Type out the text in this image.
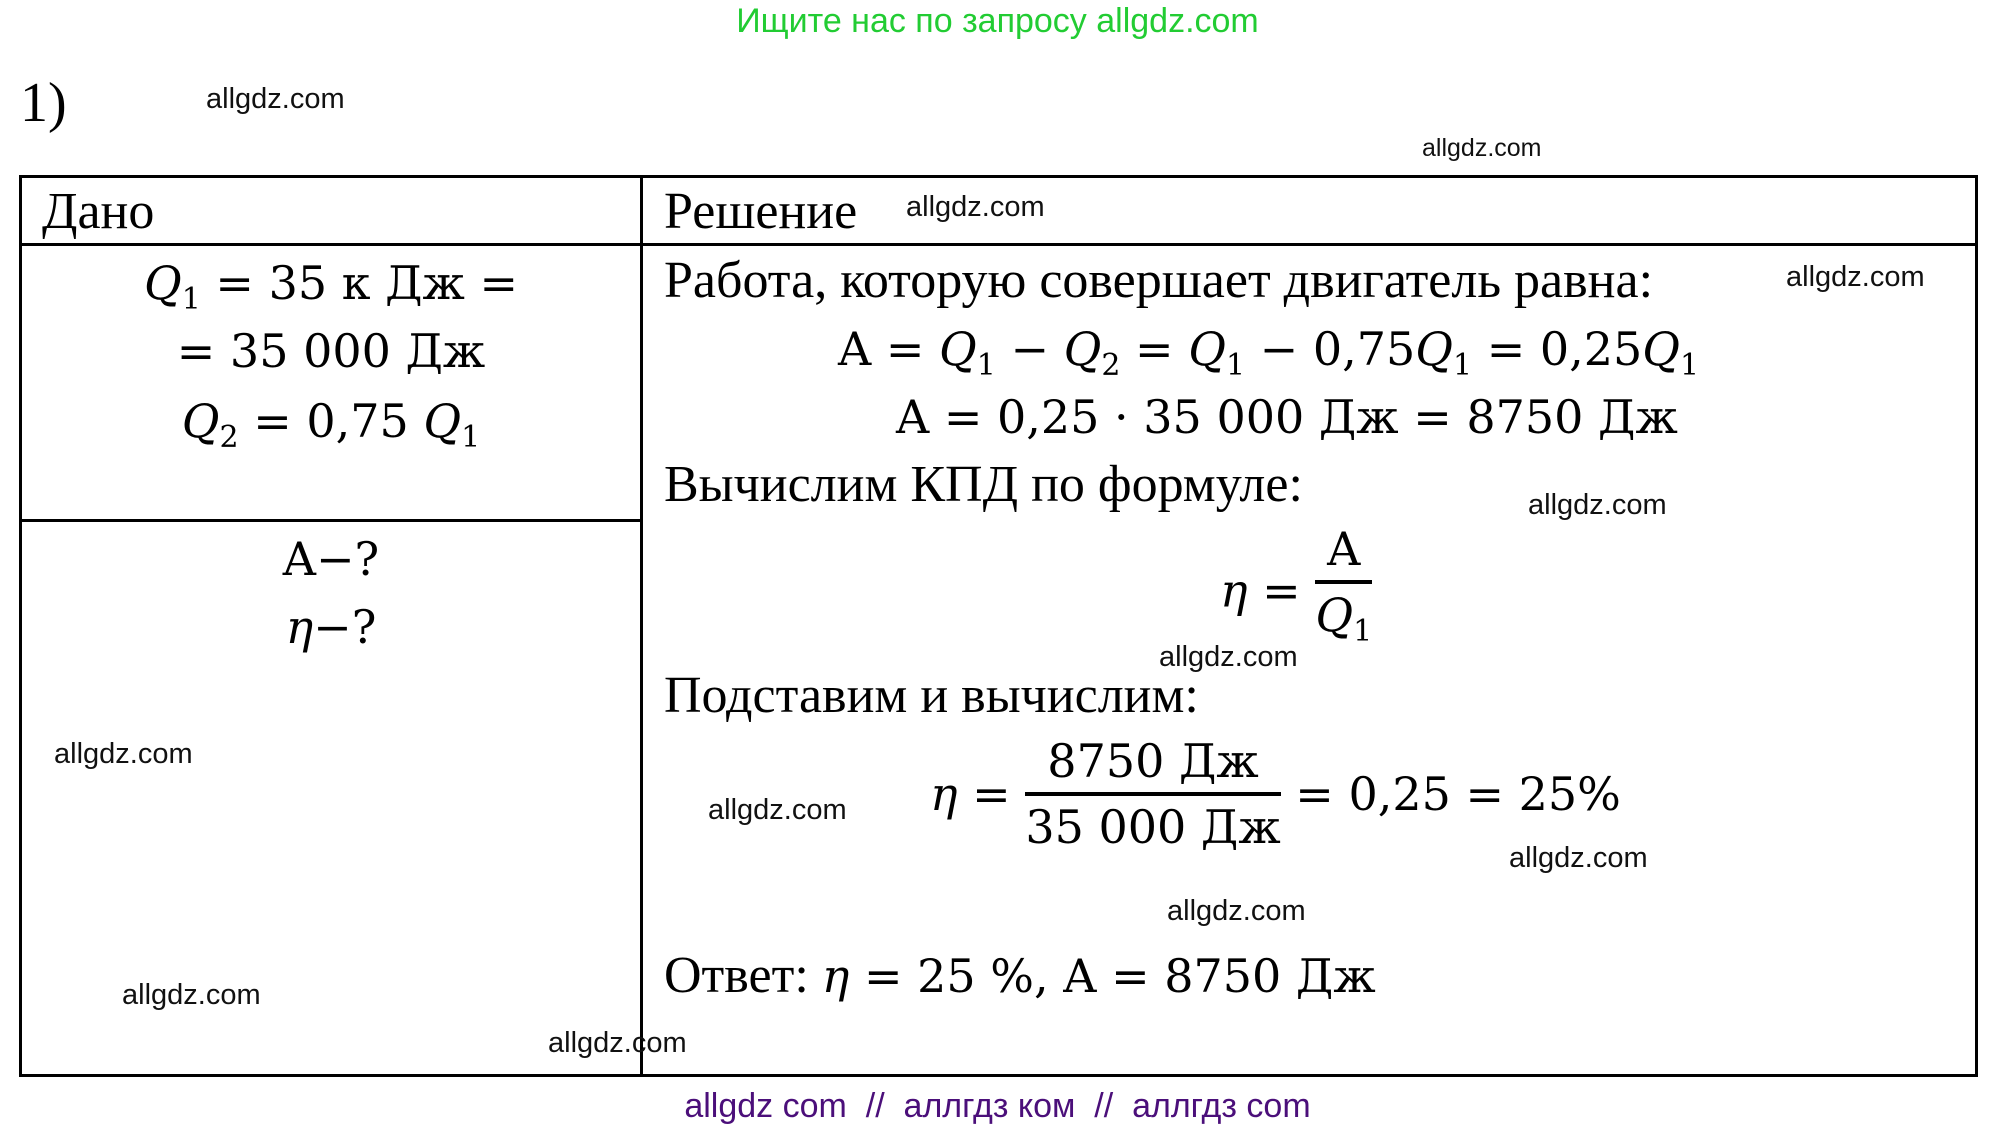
Ищите нас по запросу allgdz.com
1)	allgdz.com
allgdz.com
Дано	Решение allgdz.com
$Q_1 = 35$ к Дж =
= 35 000 Дж
$Q_2 = 0,75$ $Q_1$
A−?
η−?
allgdz.com
allgdz.com
allgdz.com
Работа, которую совершает двигатель равна:	allgdz.com
$A = Q_1 - Q_2 = Q_1 - 0,75Q_1 = 0,25Q_1$
A = 0,25 · 35 000 Дж = 8750 Дж
Вычислим КПД по формуле:	allgdz.com
$\eta = \frac{A}{Q_1}$
allgdz.com
Подставим и вычислим:
$\eta = \frac{8750 Дж}{35 000 Дж} = 0,25 = 25\%$
allgdz.com
allgdz.com
allgdz.com
Ответ: η = 25 %, A = 8750 Дж
allgdz com  //  аллгдз ком  //  аллгдз com
